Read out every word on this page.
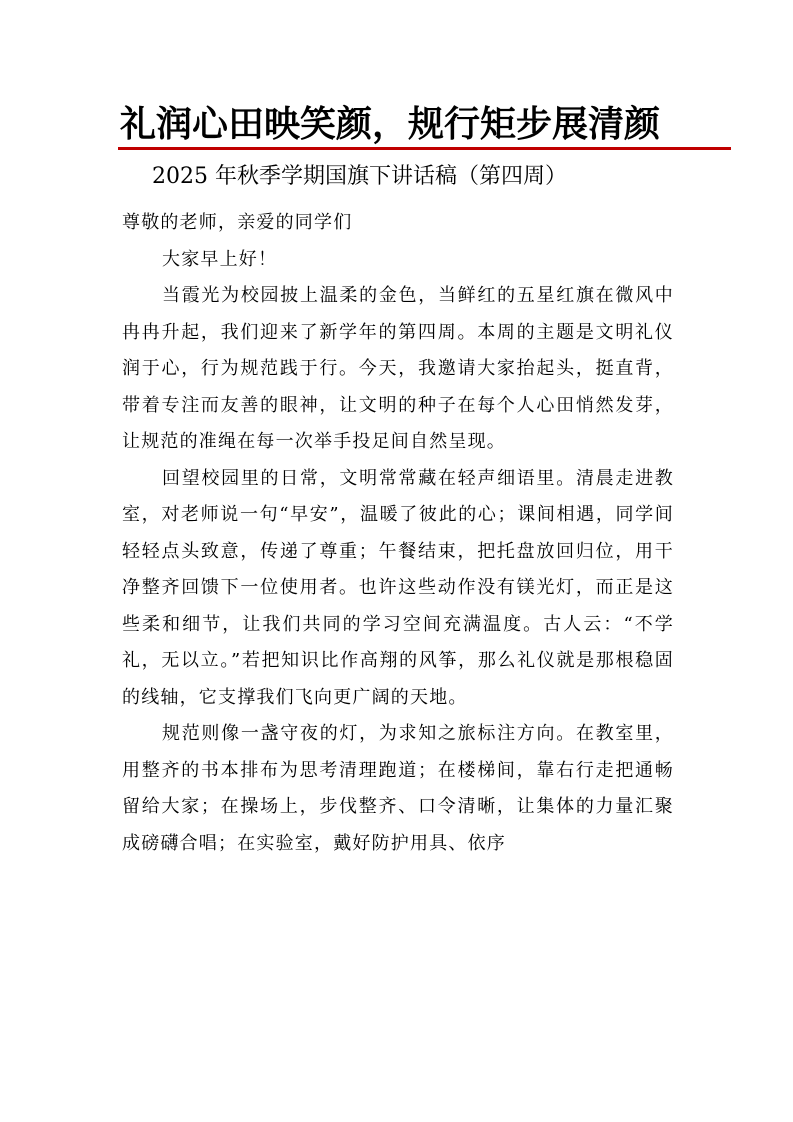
礼润心田映笑颜，规行矩步展清颜
2025 年秋季学期国旗下讲话稿（第四周）

尊敬的老师，亲爱的同学们

大家早上好！

当霞光为校园披上温柔的金色，当鲜红的五星红旗在微风中冉冉升起，我们迎来了新学年的第四周。本周的主题是文明礼仪润于心，行为规范践于行。今天，我邀请大家抬起头，挺直背，带着专注而友善的眼神，让文明的种子在每个人心田悄然发芽，让规范的准绳在每一次举手投足间自然呈现。

回望校园里的日常，文明常常藏在轻声细语里。清晨走进教室，对老师说一句“早安”，温暖了彼此的心；课间相遇，同学间轻轻点头致意，传递了尊重；午餐结束，把托盘放回归位，用干净整齐回馈下一位使用者。也许这些动作没有镁光灯，而正是这些柔和细节，让我们共同的学习空间充满温度。古人云：“不学礼，无以立。”若把知识比作高翔的风筝，那么礼仪就是那根稳固的线轴，它支撑我们飞向更广阔的天地。

规范则像一盏守夜的灯，为求知之旅标注方向。在教室里，用整齐的书本排布为思考清理跑道；在楼梯间，靠右行走把通畅留给大家；在操场上，步伐整齐、口令清晰，让集体的力量汇聚成磅礴合唱；在实验室，戴好防护用具、依序
